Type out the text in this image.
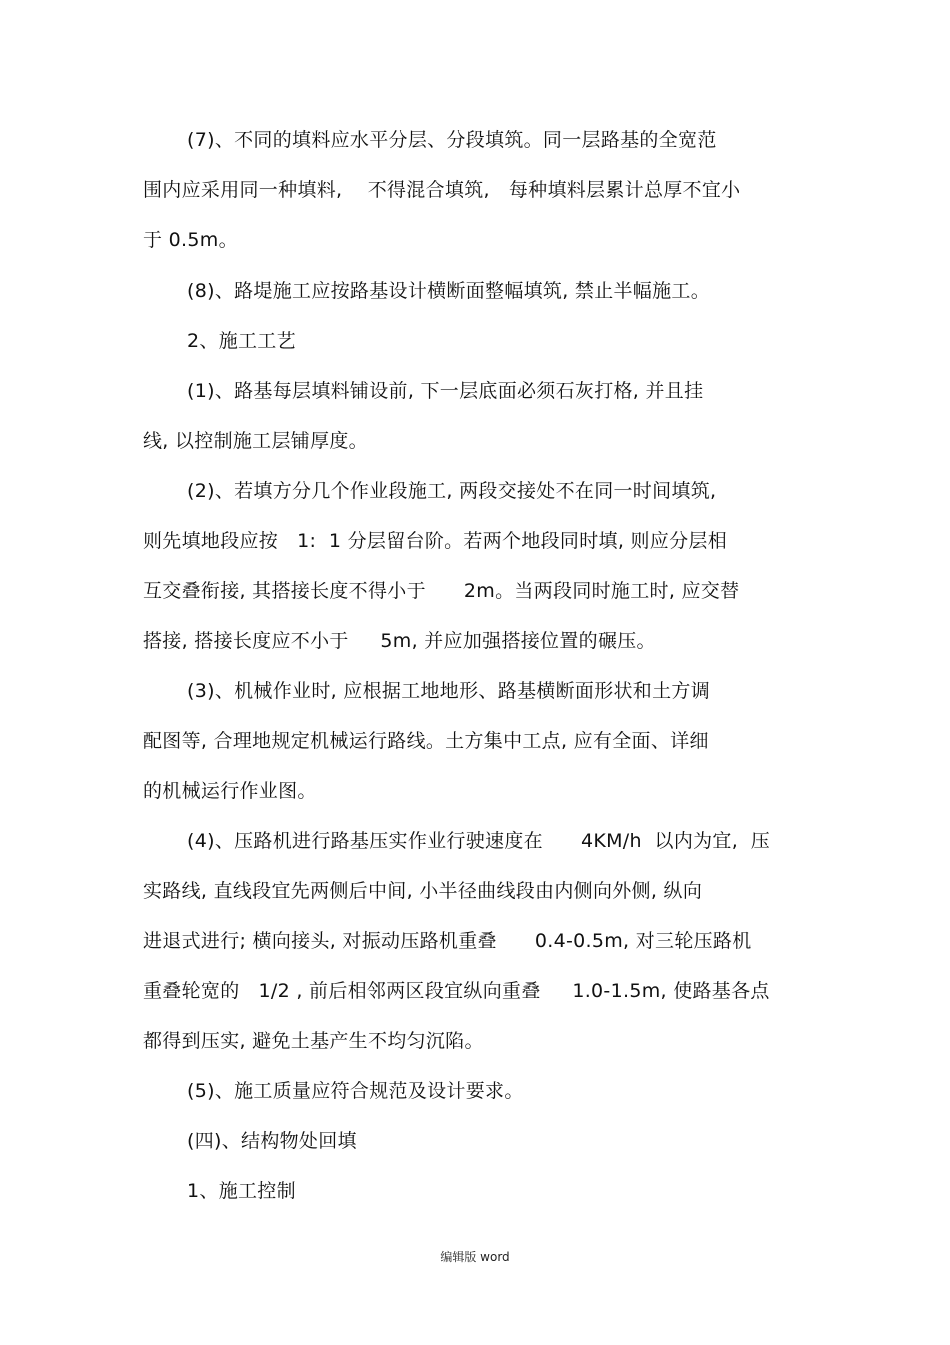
(7)、不同的填料应水平分层、分段填筑。同一层路基的全宽范
围内应采用同一种填料,    不得混合填筑,   每种填料层累计总厚不宜小
于 0.5m。
(8)、路堤施工应按路基设计横断面整幅填筑, 禁止半幅施工。
2、施工工艺
(1)、路基每层填料铺设前, 下一层底面必须石灰打格, 并且挂
线, 以控制施工层铺厚度。
(2)、若填方分几个作业段施工, 两段交接处不在同一时间填筑,
则先填地段应按   1:  1 分层留台阶。若两个地段同时填, 则应分层相
互交叠衔接, 其搭接长度不得小于      2m。当两段同时施工时, 应交替
搭接, 搭接长度应不小于     5m, 并应加强搭接位置的碾压。
(3)、机械作业时, 应根据工地地形、路基横断面形状和土方调
配图等, 合理地规定机械运行路线。土方集中工点, 应有全面、详细
的机械运行作业图。
(4)、压路机进行路基压实作业行驶速度在      4KM/h  以内为宜,  压
实路线, 直线段宜先两侧后中间, 小半径曲线段由内侧向外侧, 纵向
进退式进行; 横向接头, 对振动压路机重叠      0.4-0.5m, 对三轮压路机
重叠轮宽的   1/2 , 前后相邻两区段宜纵向重叠     1.0-1.5m, 使路基各点
都得到压实, 避免土基产生不均匀沉陷。
(5)、施工质量应符合规范及设计要求。
(四)、结构物处回填
1、施工控制
编辑版 word
